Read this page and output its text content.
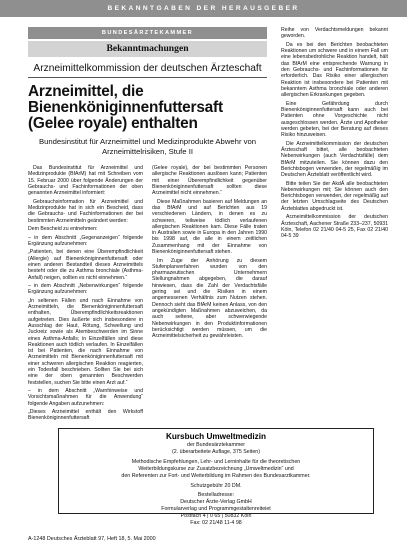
BEKANNTGABEN DER HERAUSGEBER
BUNDESÄRZTEKAMMER
Bekanntmachungen
Arzneimittelkommission der deutschen Ärzteschaft
Arzneimittel, die Bienenköniginnenfuttersaft (Gelee royale) enthalten
Bundesinstitut für Arzneimittel und Medizinprodukte Abwehr von Arzneimittelrisiken, Stufe II

Das Bundesinstitut für Arzneimittel und Medizinprodukte (BfArM) hat mit Schreiben vom 15. Februar 2000 über folgende Änderungen der Gebrauchs- und Fachinformationen der oben genannten Arzneimittel informiert:

Gebrauchsinformation für Arzneimittel und Medizinprodukte hat in sich ein Bescheid, dass die Gebrauchs- und Fachinformationen der bei bestimmten Arzneimitteln geändert werden:

Dem Bescheid zu entnehmen:

– in dem Abschnitt „Gegenanzeigen“ folgende Ergänzung aufzunehmen:

„Patienten, bei denen eine Überempfindlichkeit (Allergie) auf Bienenköniginnenfuttersaft oder einen anderen Bestandteil dieses Arzneimittels besteht oder die zu Asthma bronchiale (Asthma-Anfall) neigen, sollten es nicht einnehmen.“

– in dem Abschnitt „Nebenwirkungen“ folgende Ergänzung aufzunehmen:

„In seltenen Fällen und nach Einnahme von Arzneimitteln, die Bienenköniginnenfuttersaft enthalten, Überempfindlichkeitsreaktionen aufgetreten. Dies äußerte sich insbesondere in Ausschlag der Haut, Rötung, Schwellung und Juckreiz sowie als Atembeschwerden im Sinne eines Asthma-Anfalls; in Einzelfällen sind diese Reaktionen auch tödlich verlaufen. In Einzelfällen ist bei Patienten, die nach Einnahme von Arzneimitteln mit Bienenköniginnenfuttersaft mit einer schweren allergischen Reaktion reagierten, ein Todesfall beschrieben. Sollten Sie bei sich eine der oben genannten Beschwerden feststellen, suchen Sie bitte einen Arzt auf.“

– in dem Abschnitt „Warnhinweise und Vorsichtsmaßnahmen für die Anwendung“ folgende Angaben aufzunehmen:

„Dieses Arzneimittel enthält den Wirkstoff Bienenköniginnenfuttersaft

(Gelee royale), der bei bestimmten Personen allergische Reaktionen auslösen kann; Patienten mit einer Überempfindlichkeit gegenüber Bienenköniginnenfuttersaft sollten diese Arzneimittel nicht einnehmen.“

Diese Maßnahmen basieren auf Meldungen an das BfArM und auf Berichten aus 19 verschiedenen Ländern, in denen es zu schweren, teilweise tödlich verlaufenen allergischen Reaktionen kam. Diese Fälle traten in Australien sowie in Europa in den Jahren 1990 bis 1998 auf, die alle in einem zeitlichen Zusammenhang mit der Einnahme von Bienenköniginnenfuttersaft stehen.

Im Zuge der Anhörung zu diesem Stufenplanverfahren wurden von den pharmazeutischen Unternehmern Stellungnahmen abgegeben, die darauf hinwiesen, dass die Zahl der Verdachtsfälle gering sei und die Risiken in einem angemessenen Verhältnis zum Nutzen stehen. Dennoch sieht das BfArM keinen Anlass, von den angekündigten Maßnahmen abzuweichen, da auch seltene, aber schwerwiegende Nebenwirkungen in den Produktinformationen berücksichtigt werden müssen, um die Arzneimittelsicherheit zu gewährleisten.

Reihe von Verdachtsmeldungen bekannt geworden.

Da es bei den Berichten beobachteten Reaktionen um schwere und in einem Fall um eine lebensbedrohliche Reaktion handelt, hält das BfArM eine entsprechende Warnung in den Gebrauchs- und Fachinformationen für erforderlich. Das Risiko einer allergischen Reaktion ist insbesondere bei Patienten mit bekanntem Asthma bronchiale oder anderen allergischen Erkrankungen gegeben.

Eine Gefährdung durch Bienenköniginnenfuttersaft kann auch bei Patienten ohne Vorgeschichte nicht ausgeschlossen werden. Ärzte und Apotheker werden gebeten, bei der Beratung auf dieses Risiko hinzuweisen.

Die Arzneimittelkommission der deutschen Ärzteschaft bittet, alle beobachteten Nebenwirkungen (auch Verdachtsfälle) dem BfArM mitzuteilen. Sie können dazu den Berichtsbogen verwenden, der regelmäßig im Deutschen Ärzteblatt veröffentlicht wird.

Bitte teilen Sie der AkdÄ alle beobachteten Nebenwirkungen mit; Sie können auch den Berichtsbogen verwenden, der regelmäßig auf der letzten Umschlagseite des Deutschen Ärzteblattes abgedruckt ist.

Arzneimittelkommission der deutschen Ärzteschaft, Aachener Straße 233–237, 50931 Köln, Telefon 02 21/40 04-5 25, Fax 02 21/40 04-5 39

Kursbuch Umweltmedizin
der Bundesärztekammer
(2. überarbeitete Auflage, 375 Seiten)
Methodische Empfehlungen, Lehr- und Lerninhalte für die theoretischen
Weiterbildungskurse zur Zusatzbezeichnung „Umweltmedizin“ und
den Referenten zur Fort- und Weiterbildung im Rahmen des Bundesarztkammer.
Schutzgebühr 20 DM.
Bestelladresse:
Deutscher Ärzte-Verlag GmbH
Formularverlag und Programmgestaltenreiteiet
Postfach 4 | 0 65 | 50832 Köln
Fax: 02 21/48 11-4 98
A-1248 Deutsches Ärzteblatt 97, Heft 18, 5. Mai 2000
